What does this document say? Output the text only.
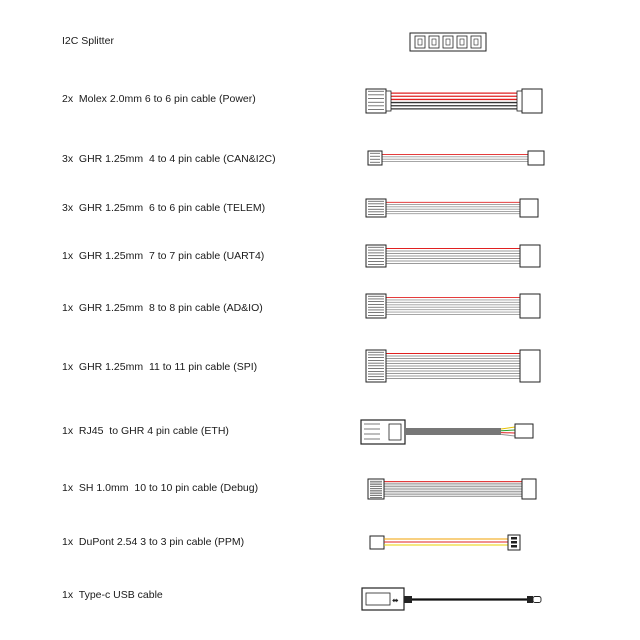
I2C Splitter
2x  Molex 2.0mm 6 to 6 pin cable (Power)
3x  GHR 1.25mm  4 to 4 pin cable (CAN&I2C)
3x  GHR 1.25mm  6 to 6 pin cable (TELEM)
1x  GHR 1.25mm  7 to 7 pin cable (UART4)
1x  GHR 1.25mm  8 to 8 pin cable (AD&IO)
1x  GHR 1.25mm  11 to 11 pin cable (SPI)
1x  RJ45  to GHR 4 pin cable (ETH)
1x  SH 1.0mm  10 to 10 pin cable (Debug)
1x  DuPont 2.54 3 to 3 pin cable (PPM)
1x  Type-c USB cable	⬌
